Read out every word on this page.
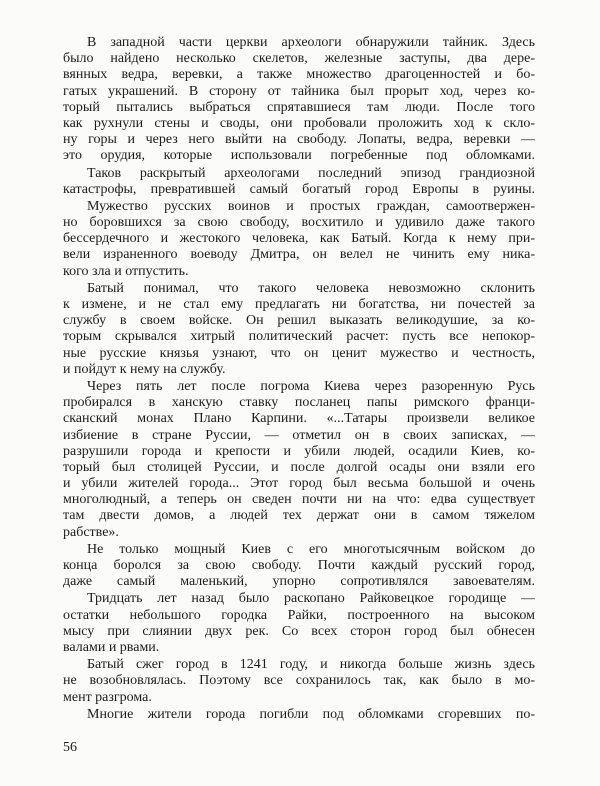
В западной части церкви археологи обнаружили тайник. Здесь
было найдено несколько скелетов, железные заступы, два дере-
вянных ведра, веревки, а также множество драгоценностей и бо-
гатых украшений. В сторону от тайника был прорыт ход, через ко-
торый пытались выбраться спрятавшиеся там люди. После того
как рухнули стены и своды, они пробовали проложить ход к скло-
ну горы и через него выйти на свободу. Лопаты, ведра, веревки —
это орудия, которые использовали погребенные под обломками.
Таков раскрытый археологами последний эпизод грандиозной
катастрофы, превратившей самый богатый город Европы в руины.
Мужество русских воинов и простых граждан, самоотвержен-
но боровшихся за свою свободу, восхитило и удивило даже такого
бессердечного и жестокого человека, как Батый. Когда к нему при-
вели израненного воеводу Дмитра, он велел не чинить ему ника-
кого зла и отпустить.
Батый понимал, что такого человека невозможно склонить
к измене, и не стал ему предлагать ни богатства, ни почестей за
службу в своем войске. Он решил выказать великодушие, за ко-
торым скрывался хитрый политический расчет: пусть все непокор-
ные русские князья узнают, что он ценит мужество и честность,
и пойдут к нему на службу.
Через пять лет после погрома Киева через разоренную Русь
пробирался в ханскую ставку посланец папы римского франци-
сканский монах Плано Карпини. «...Татары произвели великое
избиение в стране Руссии, — отметил он в своих записках, —
разрушили города и крепости и убили людей, осадили Киев, ко-
торый был столицей Руссии, и после долгой осады они взяли его
и убили жителей города... Этот город был весьма большой и очень
многолюдный, а теперь он сведен почти ни на что: едва существует
там двести домов, а людей тех держат они в самом тяжелом
рабстве».
Не только мощный Киев с его многотысячным войском до
конца боролся за свою свободу. Почти каждый русский город,
даже самый маленький, упорно сопротивлялся завоевателям.
Тридцать лет назад было раскопано Райковецкое городище —
остатки небольшого городка Райки, построенного на высоком
мысу при слиянии двух рек. Со всех сторон город был обнесен
валами и рвами.
Батый сжег город в 1241 году, и никогда больше жизнь здесь
не возобновлялась. Поэтому все сохранилось так, как было в мо-
мент разгрома.
Многие жители города погибли под обломками сгоревших по-
56
